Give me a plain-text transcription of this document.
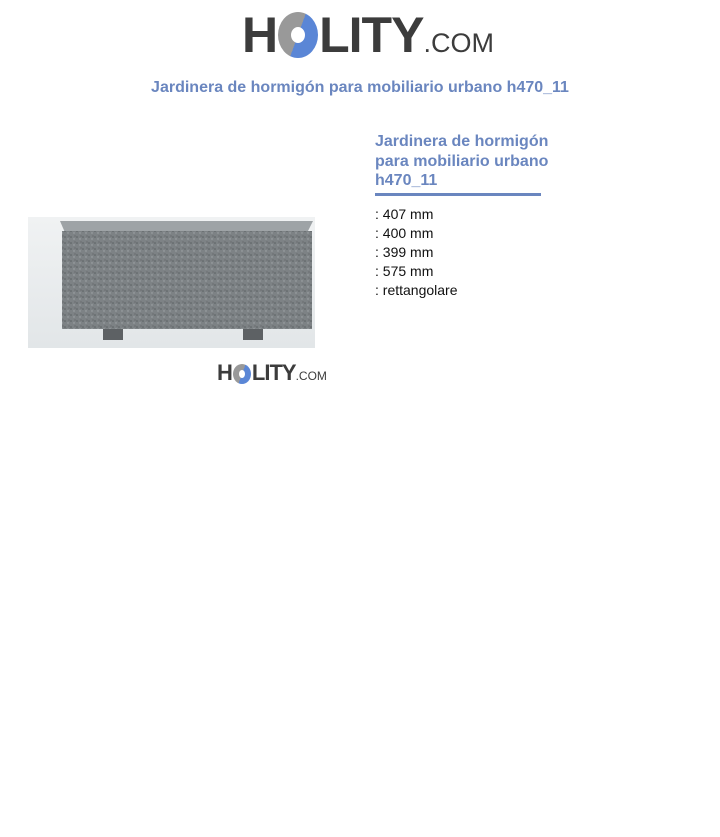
H LITY .COM
Jardinera de hormigón para mobiliario urbano h470_11
Jardinera de hormigón para mobiliario urbano h470_11
: 407 mm
: 400 mm
: 399 mm
: 575 mm
: rettangolare
H LITY .COM
